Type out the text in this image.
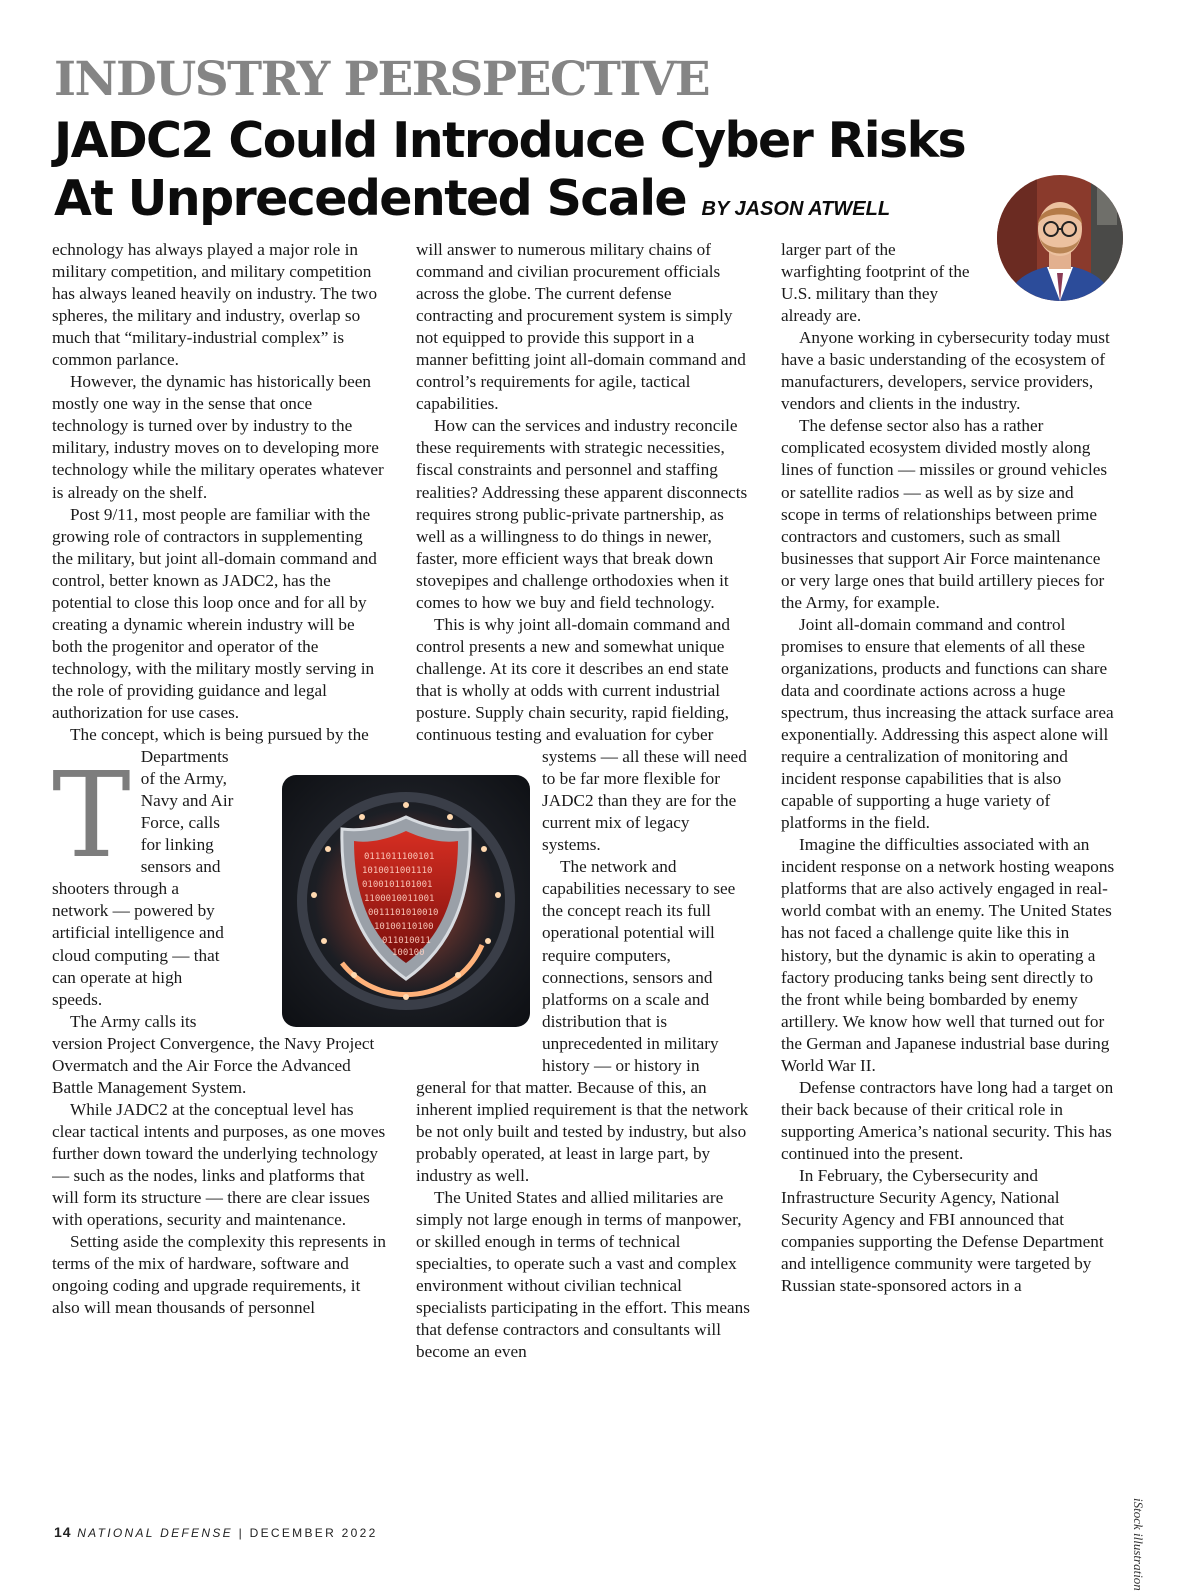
INDUSTRY PERSPECTIVE
JADC2 Could Introduce Cyber Risks
At Unprecedented Scale BY JASON ATWELL
0111011100101
1010011001110
0100101101001
1100010011001
0011101010010
10100110100
011010011
100100
T

echnology has always played a major role in military competition, and military competition has always leaned heavily on industry. The two spheres, the military and industry, overlap so much that “military-industrial complex” is common parlance.

However, the dynamic has historically been mostly one way in the sense that once technology is turned over by industry to the military, industry moves on to developing more technology while the military operates whatever is already on the shelf.

Post 9/11, most people are familiar with the growing role of contractors in supplementing the military, but joint all-domain command and control, better known as JADC2, has the potential to close this loop once and for all by creating a dynamic wherein industry will be both the progenitor and operator of the technology, with the military mostly serving in the role of providing guidance and legal authorization for use cases.

The concept, which is being pursued by the Departments of the Army, Navy and Air Force, calls for linking sensors and shooters through a network — powered by artificial intelligence and cloud computing — that can operate at high speeds.

The Army calls its version Project Convergence, the Navy Project Overmatch and the Air Force the Advanced Battle Management System.

While JADC2 at the conceptual level has clear tactical intents and purposes, as one moves further down toward the underlying technology — such as the nodes, links and platforms that will form its structure — there are clear issues with operations, security and maintenance.

Setting aside the complexity this represents in terms of the mix of hardware, software and ongoing coding and upgrade requirements, it also will mean thousands of personnel

will answer to numerous military chains of command and civilian procurement officials across the globe. The current defense contracting and procurement system is simply not equipped to provide this support in a manner befitting joint all-domain command and control’s requirements for agile, tactical capabilities.

How can the services and industry reconcile these requirements with strategic necessities, fiscal constraints and personnel and staffing realities? Addressing these apparent disconnects requires strong public-private partnership, as well as a willingness to do things in newer, faster, more efficient ways that break down stovepipes and challenge orthodoxies when it comes to how we buy and field technology.

This is why joint all-domain command and control presents a new and somewhat unique challenge. At its core it describes an end state that is wholly at odds with current industrial posture. Supply chain security, rapid fielding, continuous testing and evaluation for cyber systems — all these will need to be far more flexible for JADC2 than they are for the current mix of legacy systems.

The network and capabilities necessary to see the concept reach its full operational potential will require computers, connections, sensors and platforms on a scale and distribution that is unprecedented in military history — or history in general for that matter. Because of this, an inherent implied requirement is that the network be not only built and tested by industry, but also probably operated, at least in large part, by industry as well.

The United States and allied militaries are simply not large enough in terms of manpower, or skilled enough in terms of technical specialties, to operate such a vast and complex environment without civilian technical specialists participating in the effort. This means that defense contractors and consultants will become an even

larger part of the warfighting footprint of the U.S. military than they already are.

Anyone working in cybersecurity today must have a basic understanding of the ecosystem of manufacturers, developers, service providers, vendors and clients in the industry.

The defense sector also has a rather complicated ecosystem divided mostly along lines of function — missiles or ground vehicles or satellite radios — as well as by size and scope in terms of relationships between prime contractors and customers, such as small businesses that support Air Force maintenance or very large ones that build artillery pieces for the Army, for example.

Joint all-domain command and control promises to ensure that elements of all these organizations, products and functions can share data and coordinate actions across a huge spectrum, thus increasing the attack surface area exponentially. Addressing this aspect alone will require a centralization of monitoring and incident response capabilities that is also capable of supporting a huge variety of platforms in the field.

Imagine the difficulties associated with an incident response on a network hosting weapons platforms that are also actively engaged in real-world combat with an enemy. The United States has not faced a challenge quite like this in history, but the dynamic is akin to operating a factory producing tanks being sent directly to the front while being bombarded by enemy artillery. We know how well that turned out for the German and Japanese industrial base during World War II.

Defense contractors have long had a target on their back because of their critical role in supporting America’s national security. This has continued into the present.

In February, the Cybersecurity and Infrastructure Security Agency, National Security Agency and FBI announced that companies supporting the Defense Department and intelligence community were targeted by Russian state-sponsored actors in a

iStock illustration
14 NATIONAL DEFENSE | DECEMBER 2022
